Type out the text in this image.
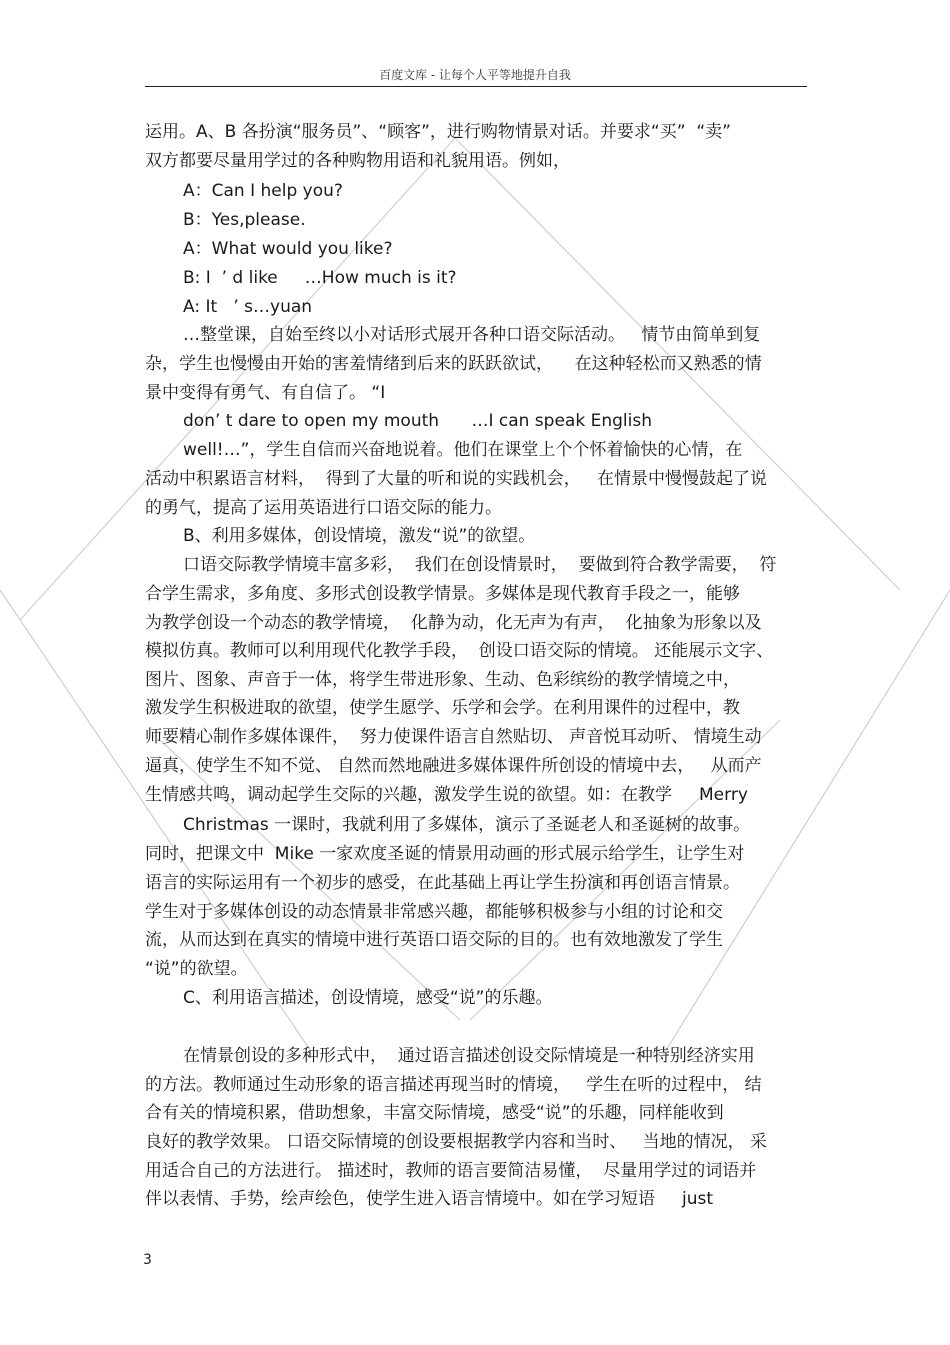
百度文库 - 让每个人平等地提升自我
运用。A、B 各扮演“服务员”、“顾客”，进行购物情景对话。并要求“买”  “卖”
双方都要尽量用学过的各种购物用语和礼貌用语。例如，
A：Can I help you?
B：Yes,please.
A：What would you like?
B: I  ’ d like     …How much is it?
A: It   ’ s…yuan
…整堂课，自始至终以小对话形式展开各种口语交际活动。   情节由简单到复
杂，学生也慢慢由开始的害羞情绪到后来的跃跃欲试，    在这种轻松而又熟悉的情
景中变得有勇气、有自信了。 “I
don’ t dare to open my mouth      …I can speak English
well!…”，学生自信而兴奋地说着。他们在课堂上个个怀着愉快的心情，在
活动中积累语言材料，  得到了大量的听和说的实践机会，   在情景中慢慢鼓起了说
的勇气，提高了运用英语进行口语交际的能力。
B、利用多媒体，创设情境，激发“说”的欲望。
口语交际教学情境丰富多彩，  我们在创设情景时，  要做到符合教学需要，  符
合学生需求，多角度、多形式创设教学情景。多媒体是现代教育手段之一，能够
为教学创设一个动态的教学情境，  化静为动，化无声为有声，  化抽象为形象以及
模拟仿真。教师可以利用现代化教学手段，  创设口语交际的情境。 还能展示文字、
图片、图象、声音于一体，将学生带进形象、生动、色彩缤纷的教学情境之中，
激发学生积极进取的欲望，使学生愿学、乐学和会学。在利用课件的过程中，教
师要精心制作多媒体课件，  努力使课件语言自然贴切、 声音悦耳动听、 情境生动
逼真，使学生不知不觉、 自然而然地融进多媒体课件所创设的情境中去，   从而产
生情感共鸣，调动起学生交际的兴趣，激发学生说的欲望。如：在教学     Merry
Christmas 一课时，我就利用了多媒体，演示了圣诞老人和圣诞树的故事。
同时，把课文中  Mike 一家欢度圣诞的情景用动画的形式展示给学生，让学生对
语言的实际运用有一个初步的感受，在此基础上再让学生扮演和再创语言情景。
学生对于多媒体创设的动态情景非常感兴趣，都能够积极参与小组的讨论和交
流，从而达到在真实的情境中进行英语口语交际的目的。也有效地激发了学生
“说”的欲望。
C、利用语言描述，创设情境，感受“说”的乐趣。
在情景创设的多种形式中，  通过语言描述创设交际情境是一种特别经济实用
的方法。教师通过生动形象的语言描述再现当时的情境，   学生在听的过程中， 结
合有关的情境积累，借助想象，丰富交际情境，感受“说”的乐趣，同样能收到
良好的教学效果。 口语交际情境的创设要根据教学内容和当时、   当地的情况， 采
用适合自己的方法进行。 描述时，教师的语言要简洁易懂，  尽量用学过的词语并
伴以表情、手势，绘声绘色，使学生进入语言情境中。如在学习短语     just
3
